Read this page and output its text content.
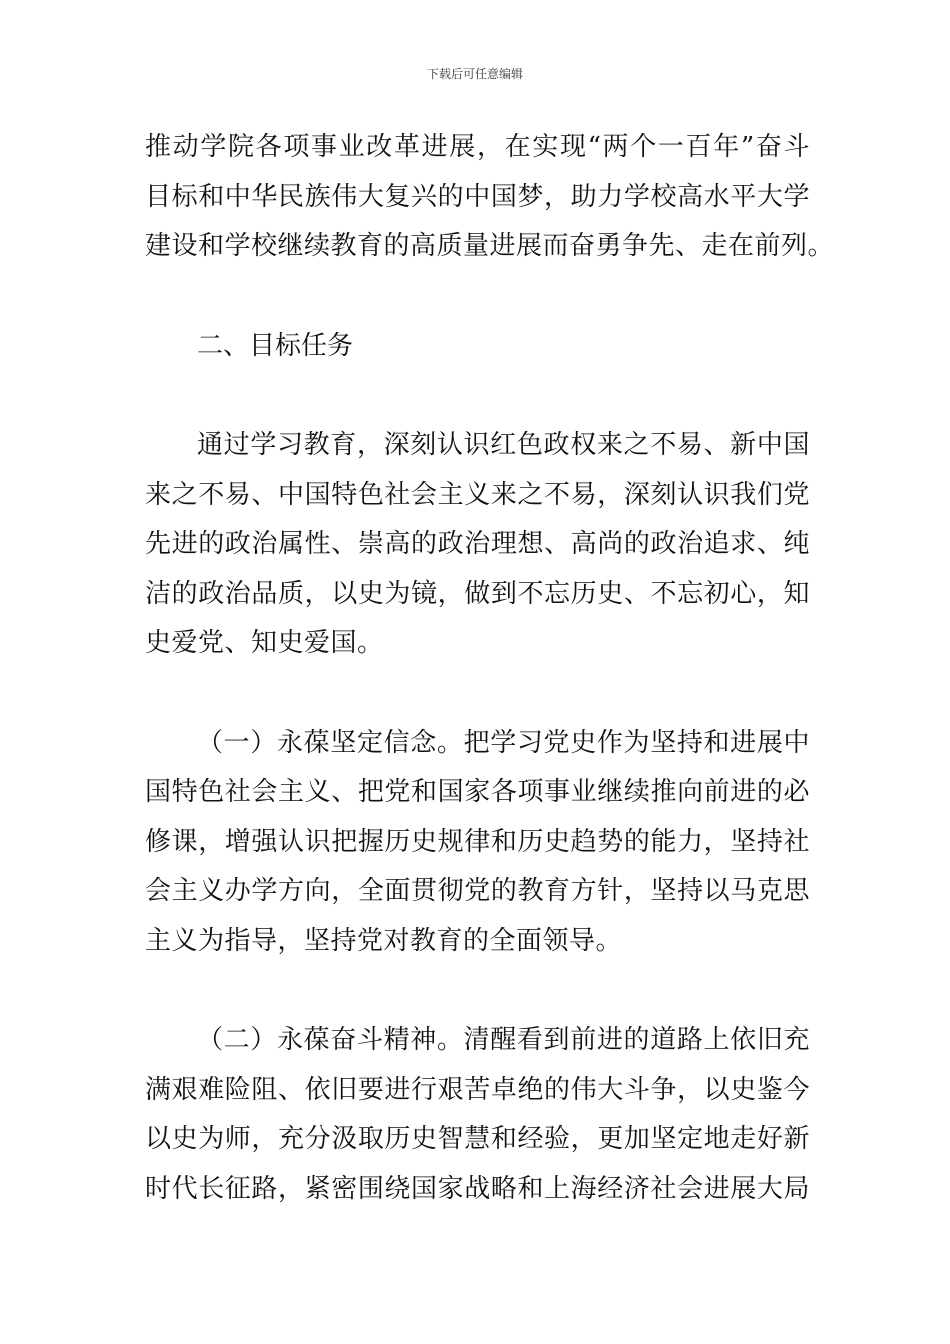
下载后可任意编辑

推动学院各项事业改革进展，在实现“两个一百年”奋斗
目标和中华民族伟大复兴的中国梦，助力学校高水平大学
建设和学校继续教育的高质量进展而奋勇争先、走在前列。

二、目标任务

通过学习教育，深刻认识红色政权来之不易、新中国
来之不易、中国特色社会主义来之不易，深刻认识我们党
先进的政治属性、崇高的政治理想、高尚的政治追求、纯
洁的政治品质，以史为镜，做到不忘历史、不忘初心，知
史爱党、知史爱国。

（一）永葆坚定信念。把学习党史作为坚持和进展中
国特色社会主义、把党和国家各项事业继续推向前进的必
修课，增强认识把握历史规律和历史趋势的能力，坚持社
会主义办学方向，全面贯彻党的教育方针，坚持以马克思
主义为指导，坚持党对教育的全面领导。

（二）永葆奋斗精神。清醒看到前进的道路上依旧充
满艰难险阻、依旧要进行艰苦卓绝的伟大斗争，以史鉴今
以史为师，充分汲取历史智慧和经验，更加坚定地走好新
时代长征路，紧密围绕国家战略和上海经济社会进展大局
